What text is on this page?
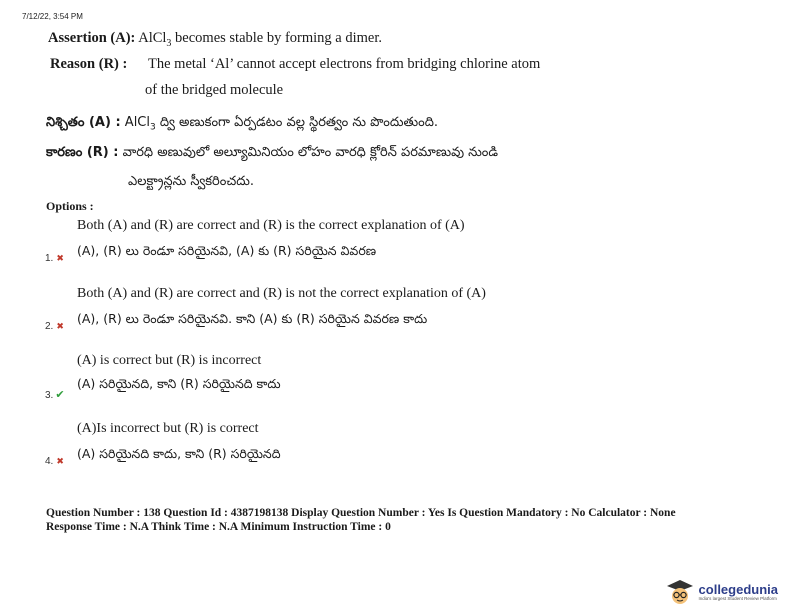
7/12/22, 3:54 PM
Assertion (A): AlCl$_3$ becomes stable by forming a dimer.
Reason (R) : The metal ‘Al’ cannot accept electrons from bridging chlorine atom
of the bridged molecule
నిశ్చితం (A) : AlCl$_3$ ద్వి అణుకంగా ఏర్పడటం వల్ల స్థిరత్వం ను పొందుతుంది.
కారణం (R) : వారధి అణువులో అల్యూమినియం లోహం వారధి క్లోరిన్ పరమాణువు నుండి
ఎలక్ట్రాన్లను స్వీకరించదు.
Options :
Both (A) and (R) are correct and (R) is the correct explanation of (A)
(A), (R) లు రెండూ సరియైనవి, (A) కు (R) సరియైన వివరణ
1. ✖
Both (A) and (R) are correct and (R) is not the correct explanation of (A)
(A), (R) లు రెండూ సరియైనవి. కాని (A) కు (R) సరియైన వివరణ కాదు
2. ✖
(A) is correct but (R) is incorrect
(A) సరియైనది, కాని (R) సరియైనది కాదు
3. ✔
(A)Is incorrect but (R) is correct
(A) సరియైనది కాదు, కాని (R) సరియైనది
4. ✖
Question Number : 138 Question Id : 4387198138 Display Question Number : Yes Is Question Mandatory : No Calculator : None
Response Time : N.A Think Time : N.A Minimum Instruction Time : 0
collegedunia
India's largest Student Review Platform
